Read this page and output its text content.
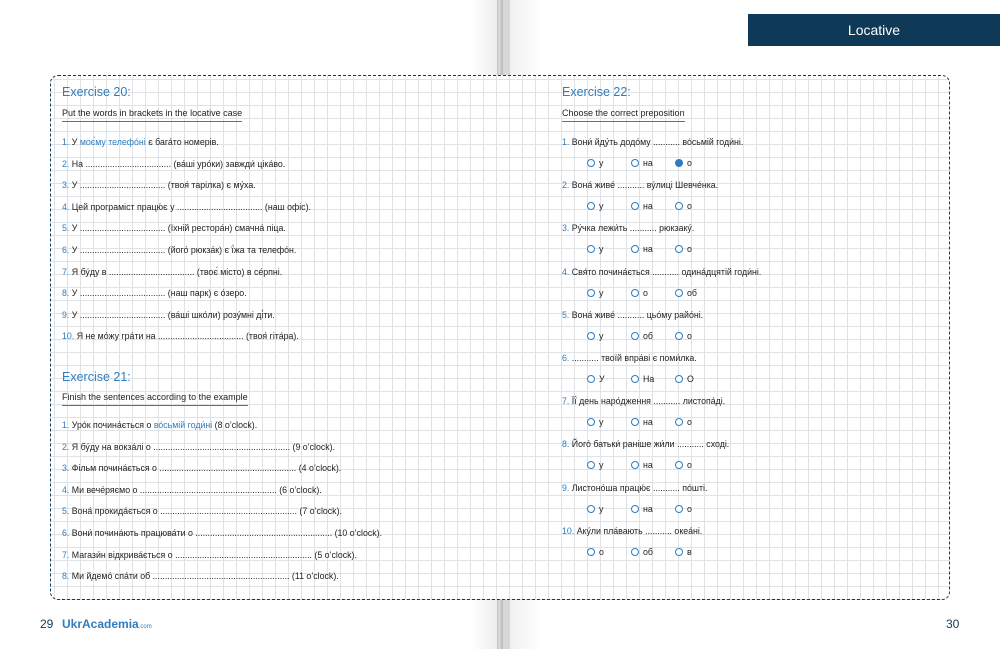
Locative
Exercise 20:
Put the words in brackets in the locative case
1. У моє́му телефо́ні є бага́то номерів.
2. На ................................... (ва́ші уро́ки) завжди́ ціка́во.
3. У ................................... (твоя́ тарілка) є му́ха.
4. Цей програміст працю́є у ................................... (наш офіс).
5. У ................................... (їхній рестора́н) смачна́ піца.
6. У ................................... (його́ рюкза́к) є ї́жа та телефо́н.
7. Я бу́ду в ................................... (твоє́ місто) в се́рпні.
8. У ................................... (наш парк) є о́зеро.
9. У ................................... (ва́ші шко́ли) розу́мні ді́ти.
10. Я не мо́жу гра́ти на ................................... (твоя́ гіта́ра).
Exercise 21:
Finish the sentences according to the example
1. Уро́к почина́ється о во́сьмій годи́ні (8 o’clock).
2. Я бу́ду на вокза́лі о ........................................................ (9 o’clock).
3. Фільм почина́ється о ........................................................ (4 o’clock).
4. Ми вече́ряємо о ........................................................ (6 o’clock).
5. Вона́ прокида́ється о ........................................................ (7 o’clock).
6. Вони́ почина́ють працюва́ти о ........................................................ (10 o’clock).
7. Магази́н відкрива́ється о ........................................................ (5 o’clock).
8. Ми йдемо́ спа́ти об ........................................................ (11 o’clock).
Exercise 22:
Choose the correct preposition
1. Вони́ йду́ть додо́му ........... во́сьмій годи́ні.
у	на	о
2. Вона́ живе́ ........... ву́лиці Шевче́нка.
у	на	о
3. Ру́чка лежи́ть ........... рюкзаку́.
у	на	о
4. Свя́то почина́ється ........... одина́дцятій годи́ні.
у	о	об
5. Вона́ живе́ ........... цьо́му райо́ні.
у	об	о
6. ........... твоїй впра́ві є поми́лка.
У	На	О
7. Її́ день наро́дження ........... листопа́ді.
у	на	о
8. Його́ батьки́ раніше жи́ли ........... сході.
у	на	о
9. Листоно́ша працю́є ........... по́шті.
у	на	о
10. Аку́ли пла́вають ........... океа́ні.
о	об	в
29 UkrAcademia.com	30
